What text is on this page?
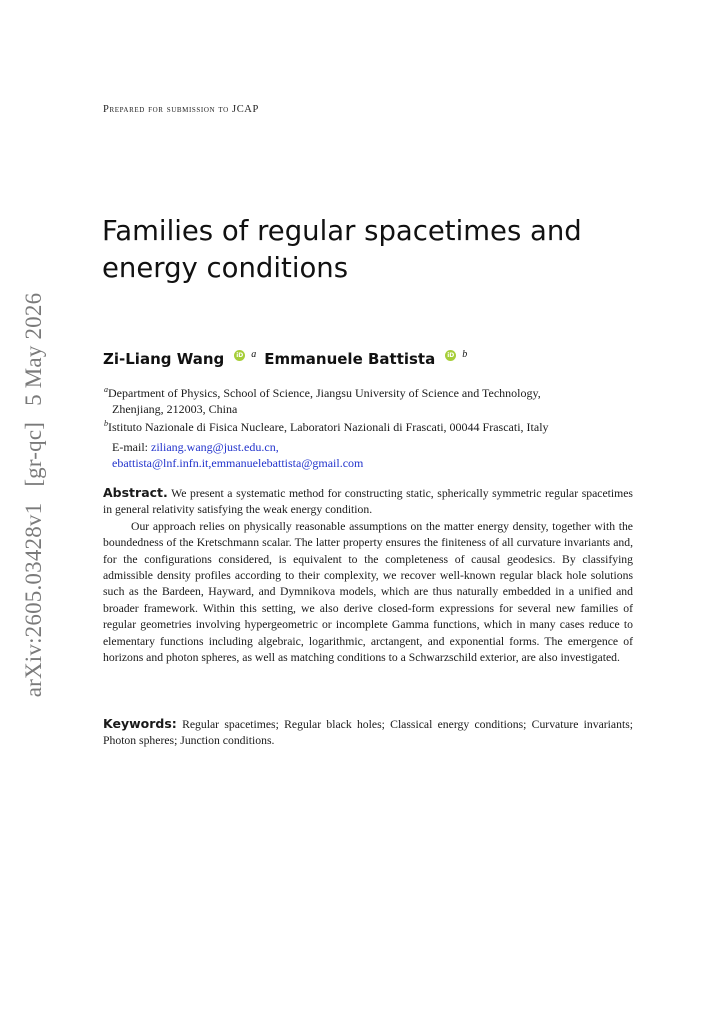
arXiv:2605.03428v1[gr-qc]5 May 2026
Prepared for submission to JCAP
Families of regular spacetimes and energy conditions
Zi-Liang Wang	iD a Emmanuele Battista	iD b
$^a$Department of Physics, School of Science, Jiangsu University of Science and Technology,
Zhenjiang, 212003, China
$^b$Istituto Nazionale di Fisica Nucleare, Laboratori Nazionali di Frascati, 00044 Frascati, Italy
E-mail: ziliang.wang@just.edu.cn,
ebattista@lnf.infn.it,emmanuelebattista@gmail.com

Abstract. We present a systematic method for constructing static, spherically symmetric regular spacetimes in general relativity satisfying the weak energy condition.

Our approach relies on physically reasonable assumptions on the matter energy density, together with the boundedness of the Kretschmann scalar. The latter property ensures the finiteness of all curvature invariants and, for the configurations considered, is equivalent to the completeness of causal geodesics. By classifying admissible density profiles according to their complexity, we recover well-known regular black hole solutions such as the Bardeen, Hayward, and Dymnikova models, which are thus naturally embedded in a unified and broader framework. Within this setting, we also derive closed-form expressions for several new families of regular geometries involving hypergeometric or incomplete Gamma functions, which in many cases reduce to elementary functions including algebraic, logarithmic, arctangent, and exponential forms. The emergence of horizons and photon spheres, as well as matching conditions to a Schwarzschild exterior, are also investigated.

Keywords: Regular spacetimes; Regular black holes; Classical energy conditions; Curvature invariants; Photon spheres; Junction conditions.
